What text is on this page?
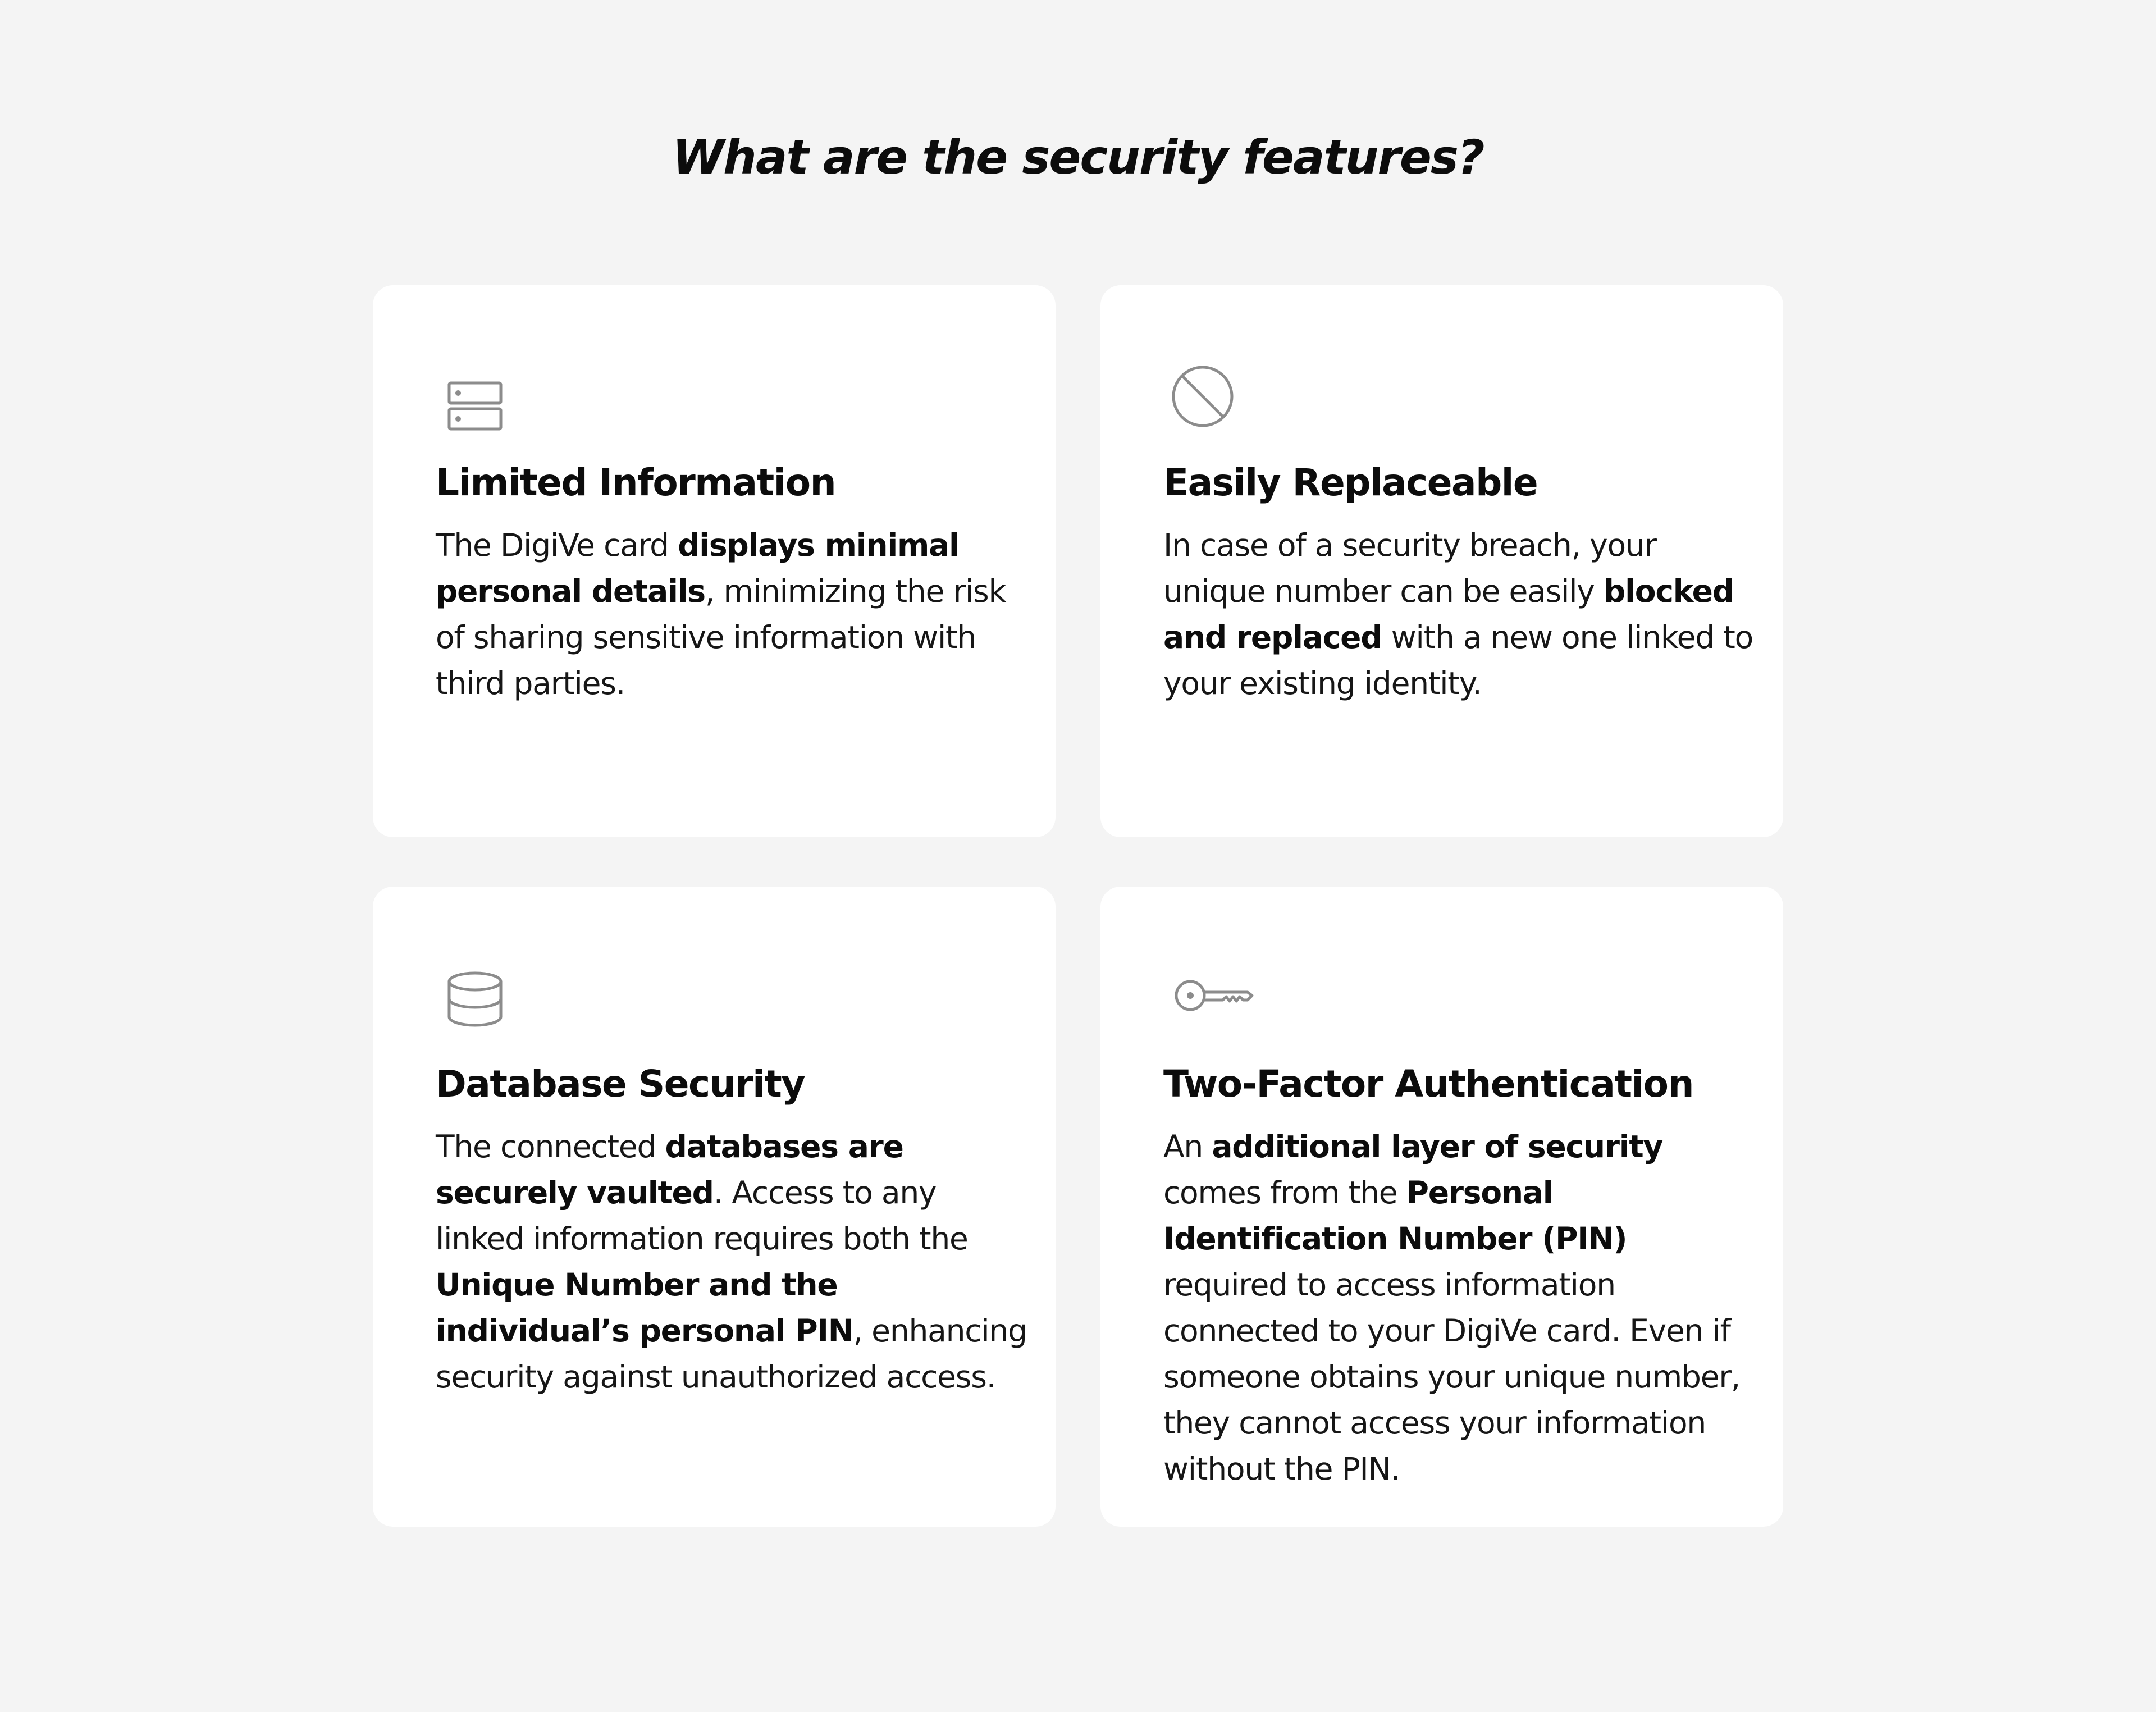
What are the security features?
Limited Information

The DigiVe card displays minimal personal details, minimizing the risk of sharing sensitive information with third parties.

Easily Replaceable

In case of a security breach, your unique number can be easily blocked and replaced with a new one linked to your existing identity.

Database Security

The connected databases are securely vaulted. Access to any linked information requires both the Unique Number and the individual’s personal PIN, enhancing security against unauthorized access.

Two-Factor Authentication

An additional layer of security comes from the Personal Identification Number (PIN) required to access information connected to your DigiVe card. Even if someone obtains your unique number, they cannot access your information without the PIN.
